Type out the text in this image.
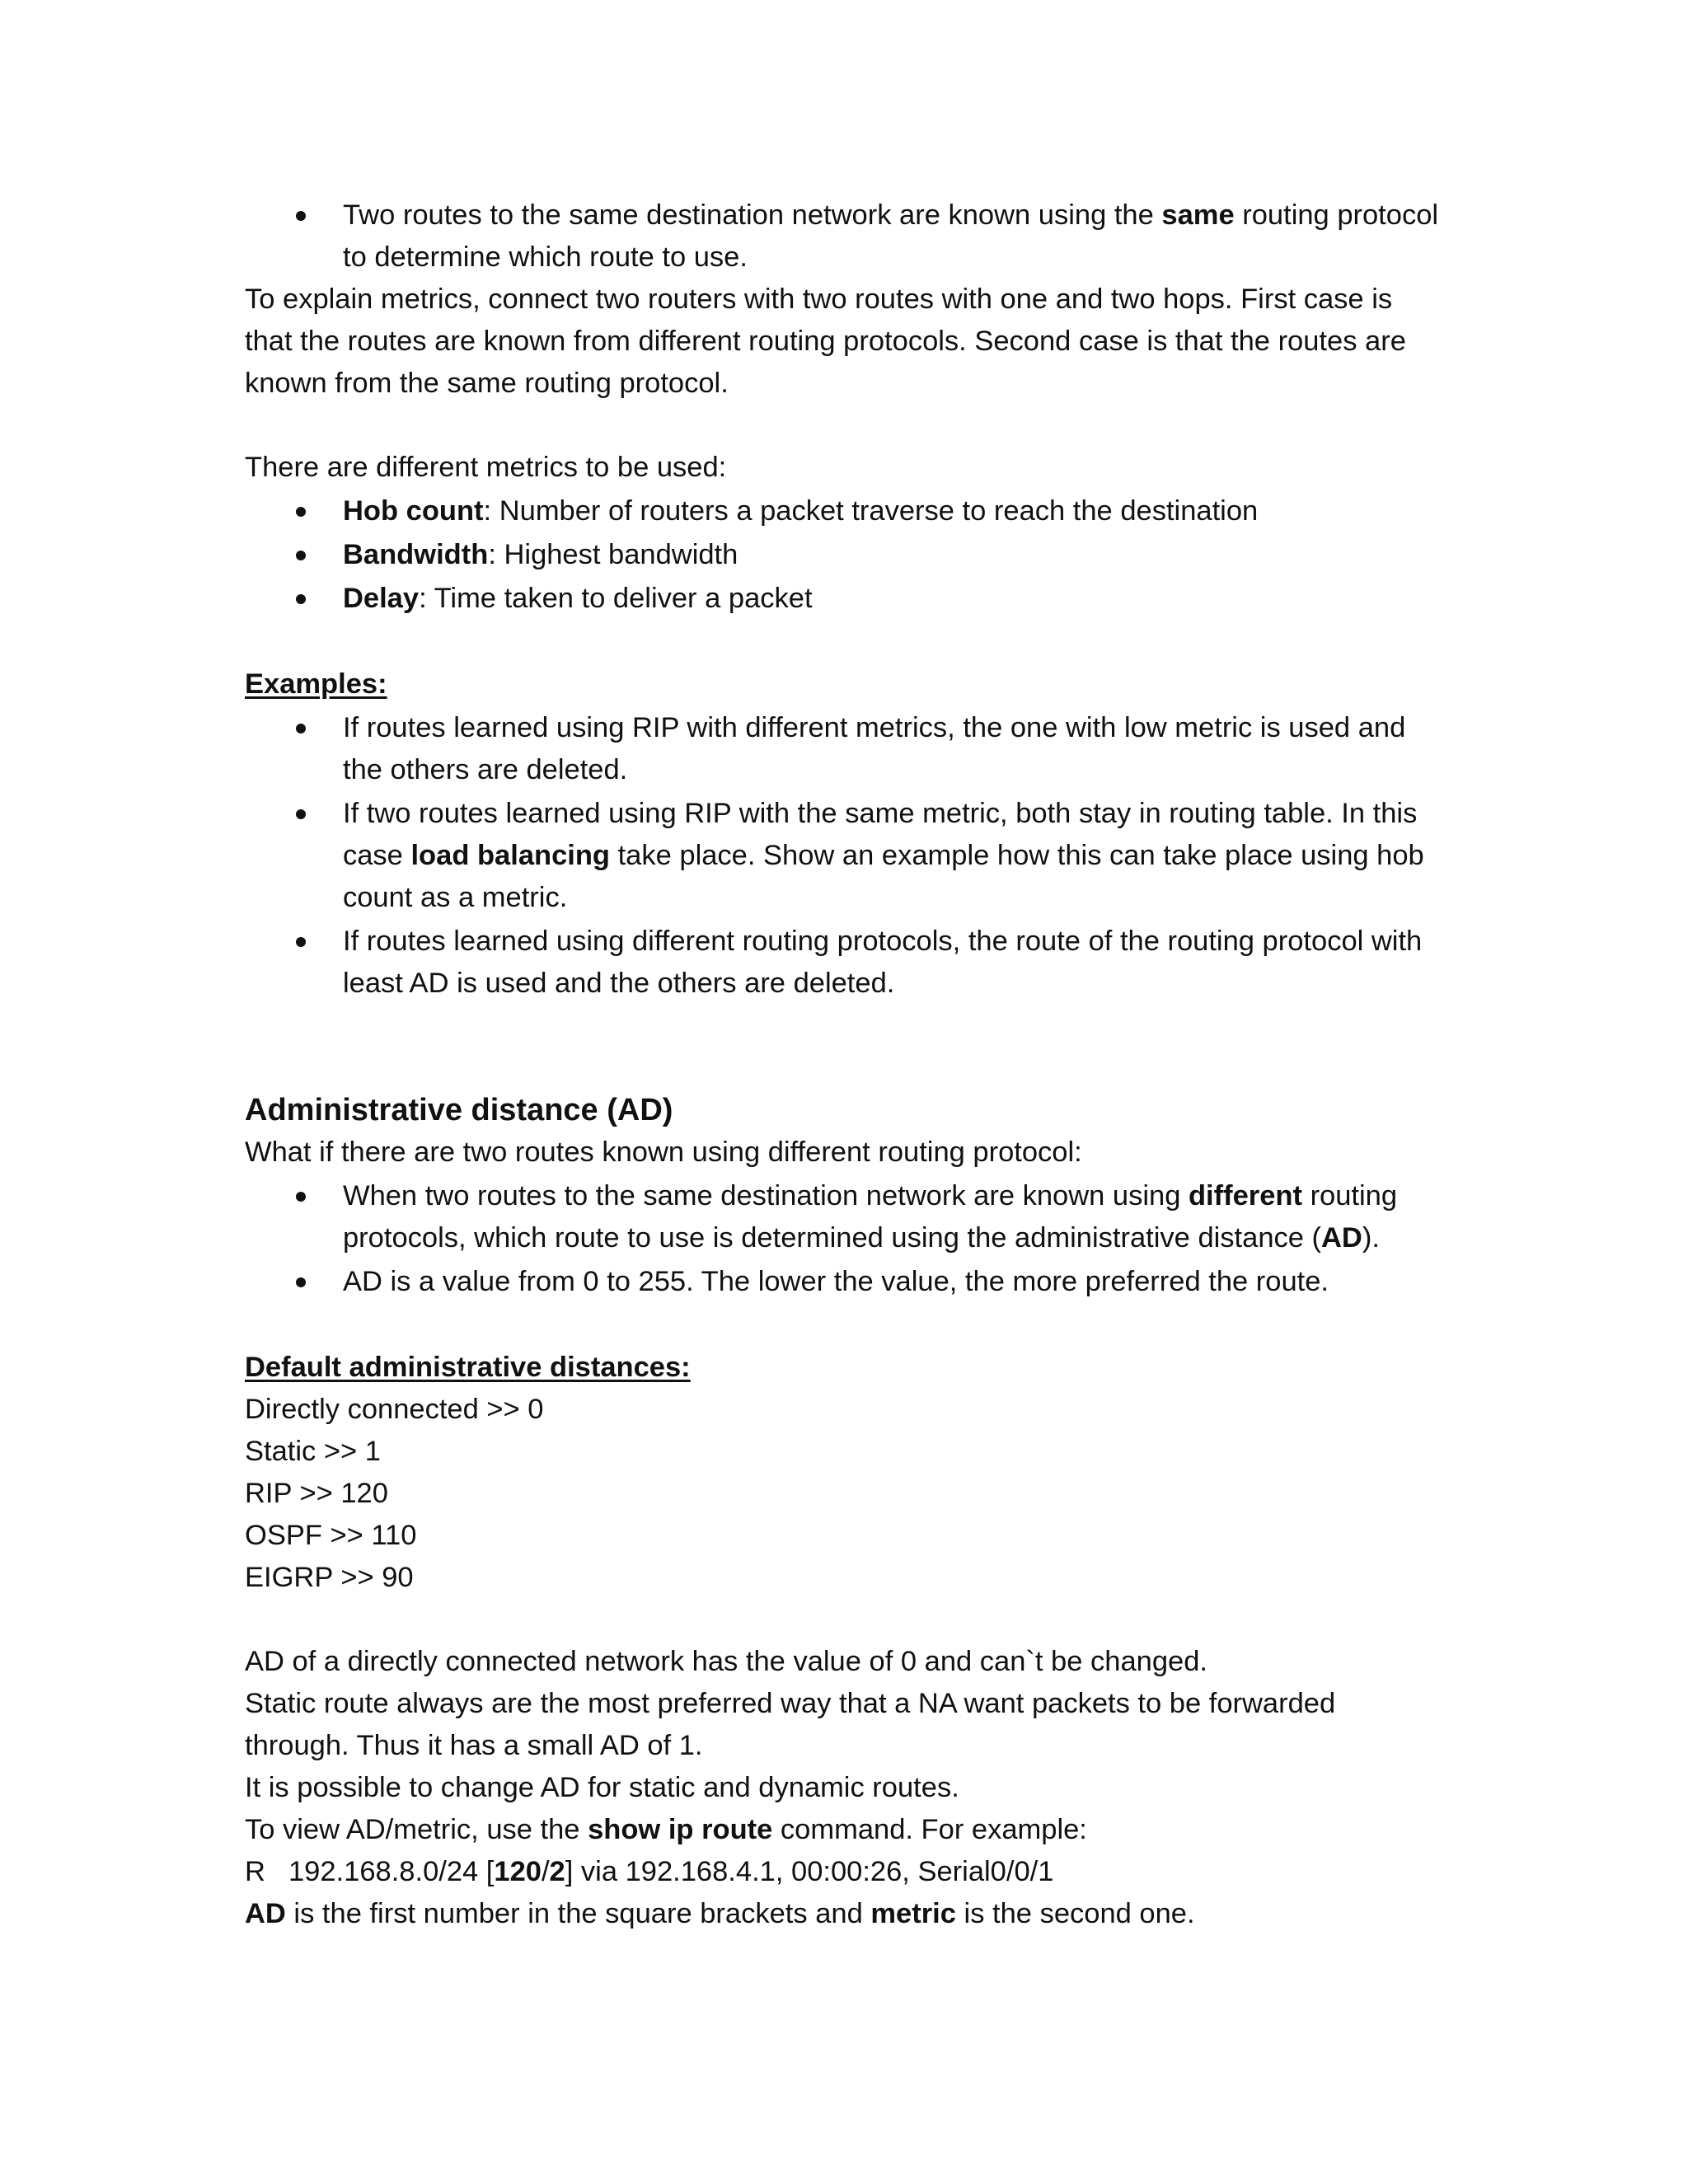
Two routes to the same destination network are known using the same routing protocol to determine which route to use.

To explain metrics, connect two routers with two routes with one and two hops. First case is that the routes are known from different routing protocols. Second case is that the routes are known from the same routing protocol.

There are different metrics to be used:

Hob count: Number of routers a packet traverse to reach the destination
Bandwidth: Highest bandwidth
Delay: Time taken to deliver a packet

Examples:

If routes learned using RIP with different metrics, the one with low metric is used and the others are deleted.
If two routes learned using RIP with the same metric, both stay in routing table. In this case load balancing take place. Show an example how this can take place using hob count as a metric.
If routes learned using different routing protocols, the route of the routing protocol with least AD is used and the others are deleted.

Administrative distance (AD)

What if there are two routes known using different routing protocol:

When two routes to the same destination network are known using different routing protocols, which route to use is determined using the administrative distance (AD).
AD is a value from 0 to 255. The lower the value, the more preferred the route.

Default administrative distances:

Directly connected >> 0

Static >> 1

RIP >> 120

OSPF >> 110

EIGRP >> 90

AD of a directly connected network has the value of 0 and can`t be changed.

Static route always are the most preferred way that a NA want packets to be forwarded through. Thus it has a small AD of 1.

It is possible to change AD for static and dynamic routes.

To view AD/metric, use the show ip route command. For example:

R 192.168.8.0/24 [120/2] via 192.168.4.1, 00:00:26, Serial0/0/1

AD is the first number in the square brackets and metric is the second one.
